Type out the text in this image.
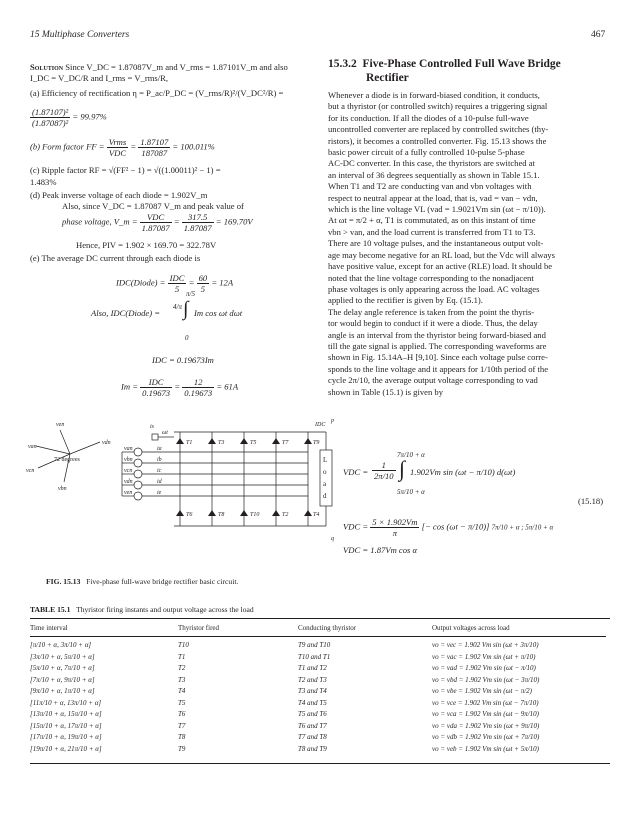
15 Multiphase Converters	467
Solution Since V_DC = 1.87087V_m and V_rms = 1.87101V_m and also I_DC = V_DC/R and I_rms = V_rms/R,
(a) Efficiency of rectification η = P_ac/P_DC = (V_rms/R)²/(V_DC²/R) =
$\frac{\text{(1.87107)²}}{\text{(1.87087)²}} = 99.97\%$
(b) Form factor FF = $\frac{\text{Vrms}}{\text{VDC}} = \frac{1.87107}{187087} = 100.011\%$
(c) Ripple factor RF = √(FF² − 1) = √((1.00011)² − 1) =
1.483%
(d) Peak inverse voltage of each diode = 1.902V_m
Also, since V_DC = 1.87087 V_m and peak value of
phase voltage, V_m = $\frac{\text{VDC}}{1.87087} = \frac{317.5}{1.87087} = 169.70V$
Hence, PIV = 1.902 × 169.70 = 322.78V
(e) The average DC current through each diode is
IDC(Diode) = $\frac{\text{IDC}}{5} = \frac{60}{5} = 12A$
Also, IDC(Diode) =
4/π ∫
π/5
0
Im cos ωt dωt
IDC = 0.19673Im
$Im = \frac{\text{IDC}}{0.19673} = \frac{12}{0.19673} = 61A$
van
ven
vdn
vcn
vbn
72 degrees
van
vbn
vcn
vdn
ven
ia
ib
ic
id
ie
is
ωt
IDC
p
q
T1	T3	T5	T7	T9
T6	T8	T10	T2	T4
L
o
a
d
FIG. 15.13 Five-phase full-wave bridge rectifier basic circuit.
15.3.2 Five-Phase Controlled Full Wave Bridge
Rectifier
Whenever a diode is in forward-biased condition, it conducts,
but a thyristor (or controlled switch) requires a triggering signal
for its conduction. If all the diodes of a 10-pulse full-wave
uncontrolled converter are replaced by controlled switches (thy-
ristors), it becomes a controlled converter. Fig. 15.13 shows the
basic power circuit of a fully controlled 10-pulse 5-phase
AC-DC converter. In this case, the thyristors are switched at
an interval of 36 degrees sequentially as shown in Table 15.1.
When T1 and T2 are conducting van and vbn voltages with
respect to neutral appear at the load, that is, vad = van − vdn,
which is the line voltage VL (vad = 1.9021Vm sin (ωt − π/10)).
At ωt = π/2 + α, T1 is commutated, as on this instant of time
vbn > van, and the load current is transferred from T1 to T3.
There are 10 voltage pulses, and the instantaneous output volt-
age may become negative for an RL load, but the Vdc will always
have positive value, except for an active (RLE) load. It should be
noted that the line voltage corresponding to the nonadjacent
phase voltages is only appearing across the load. AC voltages
applied to the rectifier is given by Eq. (15.1).
The delay angle reference is taken from the point the thyris-
tor would begin to conduct if it were a diode. Thus, the delay
angle is an interval from the thyristor being forward-biased and
till the gate signal is applied. The corresponding waveforms are
shown in Fig. 15.14A–H [9,10]. Since each voltage pulse corre-
sponds to the line voltage and it appears for 1/10th period of the
cycle 2π/10, the average output voltage corresponding to vad
shown in Table (15.1) is given by
7π/10 + α
VDC = $\frac{1}{2\pi/10}$ ∫ 1.902Vm sin (ωt − π/10) d(ωt)
5π/10 + α
(15.18)
VDC = $\frac{5 \times 1.902Vm}{\pi}$ [− cos (ωt − π/10)] 7π/10 + α ; 5π/10 + α
VDC = 1.87Vm cos α
TABLE 15.1 Thyristor firing instants and output voltage across the load
Time interval	Thyristor fired	Conducting thyristor	Output voltages across load

[π/10 + α, 3π/10 + α]	T10	T9 and T10	vo = vec = 1.902 Vm sin (ωt + 3π/10)
[3π/10 + α, 5π/10 + α]	T1	T10 and T1	vo = vac = 1.902 Vm sin (ωt + π/10)
[5π/10 + α, 7π/10 + α]	T2	T1 and T2	vo = vad = 1.902 Vm sin (ωt − π/10)
[7π/10 + α, 9π/10 + α]	T3	T2 and T3	vo = vbd = 1.902 Vm sin (ωt − 3π/10)
[9π/10 + α, 1π/10 + α]	T4	T3 and T4	vo = vbe = 1.902 Vm sin (ωt − π/2)
[11π/10 + α, 13π/10 + α]	T5	T4 and T5	vo = vce = 1.902 Vm sin (ωt − 7π/10)
[13π/10 + α, 15π/10 + α]	T6	T5 and T6	vo = vca = 1.902 Vm sin (ωt − 9π/10)
[15π/10 + α, 17π/10 + α]	T7	T6 and T7	vo = vda = 1.902 Vm sin (ωt + 9π/10)
[17π/10 + α, 19π/10 + α]	T8	T7 and T8	vo = vdb = 1.902 Vm sin (ωt + 7π/10)
[19π/10 + α, 21π/10 + α]	T9	T8 and T9	vo = veb = 1.902 Vm sin (ωt + 5π/10)
